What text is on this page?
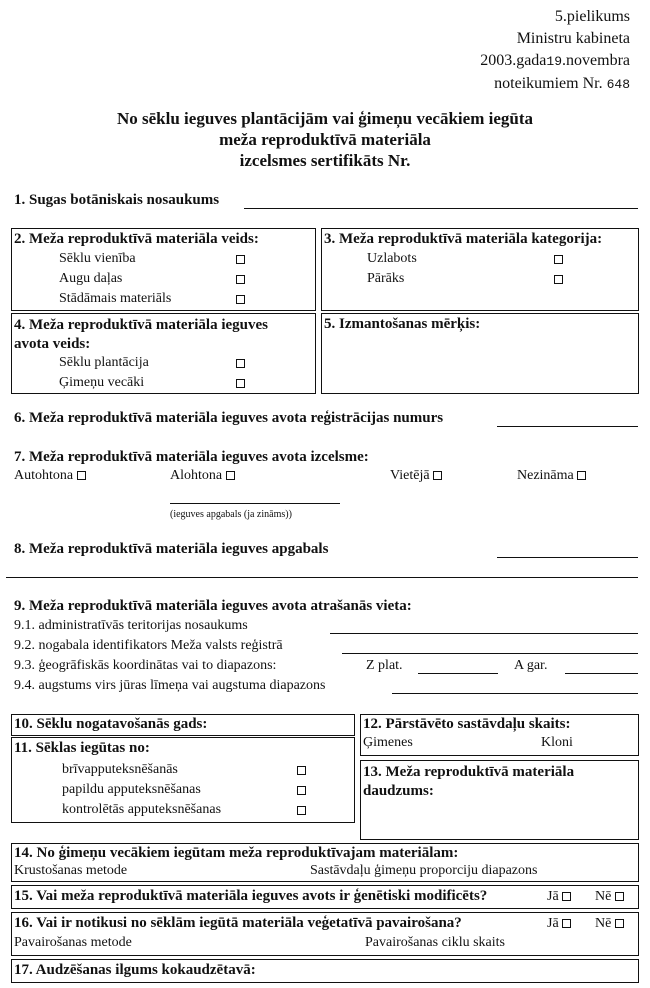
5.pielikums
Ministru kabineta
2003.gada19.novembra
noteikumiem Nr. 648
No sēklu ieguves plantācijām vai ģimeņu vecākiem iegūta
meža reproduktīvā materiāla
izcelsmes sertifikāts Nr.
1. Sugas botāniskais nosaukums
2. Meža reproduktīvā materiāla veids:
Sēklu vienība
Augu daļas
Stādāmais materiāls
3. Meža reproduktīvā materiāla kategorija:
Uzlabots
Pārāks
4. Meža reproduktīvā materiāla ieguves
avota veids:
Sēklu plantācija
Ģimeņu vecāki
5. Izmantošanas mērķis:
6. Meža reproduktīvā materiāla ieguves avota reģistrācijas numurs
7. Meža reproduktīvā materiāla ieguves avota izcelsme:
Autohtona	Alohtona	Vietējā	Nezināma
(ieguves apgabals (ja zināms))
8. Meža reproduktīvā materiāla ieguves apgabals
9. Meža reproduktīvā materiāla ieguves avota atrašanās vieta:
9.1. administratīvās teritorijas nosaukums
9.2. nogabala identifikators Meža valsts reģistrā
9.3. ģeogrāfiskās koordinātas vai to diapazons:	Z plat.	A gar.
9.4. augstums virs jūras līmeņa vai augstuma diapazons
10. Sēklu nogatavošanās gads:
11. Sēklas iegūtas no:
brīvapputeksnēšanās
papildu apputeksnēšanas
kontrolētās apputeksnēšanas
12. Pārstāvēto sastāvdaļu skaits:
Ģimenes	Kloni
13. Meža reproduktīvā materiāla
daudzums:
14. No ģimeņu vecākiem iegūtam meža reproduktīvajam materiālam:
Krustošanas metode	Sastāvdaļu ģimeņu proporciju diapazons
15. Vai meža reproduktīvā materiāla ieguves avots ir ģenētiski modificēts?	Jā	Nē
16. Vai ir notikusi no sēklām iegūtā materiāla veģetatīvā pavairošana?	Jā	Nē
Pavairošanas metode	Pavairošanas ciklu skaits
17. Audzēšanas ilgums kokaudzētavā:
